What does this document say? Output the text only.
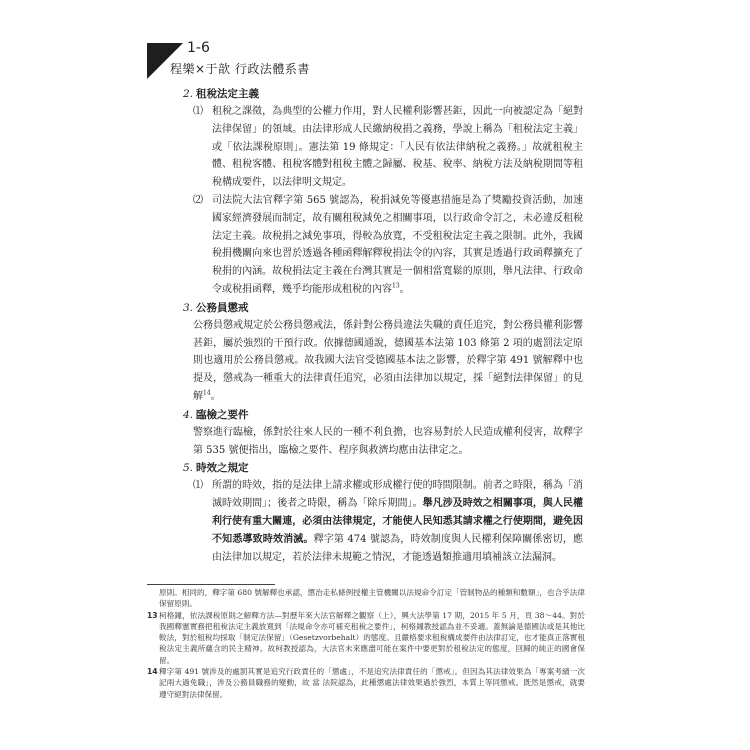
1-6
程樂×于歆 行政法體系書
2. 租稅法定主義
⑴ 租稅之課徵，為典型的公權力作用，對人民權利影響甚鉅，因此一向被認定為「絕對法律保留」的領域。由法律形成人民繳納稅捐之義務，學說上稱為「租稅法定主義」或「依法課稅原則」。憲法第 19 條規定：「人民有依法律納稅之義務。」故就租稅主體、租稅客體、租稅客體對租稅主體之歸屬、稅基、稅率、納稅方法及納稅期間等租稅構成要件，以法律明文規定。
⑵ 司法院大法官釋字第 565 號認為，稅捐減免等優惠措施是為了獎勵投資活動，加速國家經濟發展而制定，故有關租稅減免之相關事項，以行政命令訂之，未必違反租稅法定主義。故稅捐之減免事項，得較為放寬，不受租稅法定主義之限制。此外，我國稅捐機關向來也習於透過各種函釋解釋稅捐法令的內容，其實是透過行政函釋擴充了稅捐的內涵。故稅捐法定主義在台灣其實是一個相當寬鬆的原則，舉凡法律、行政命令或稅捐函釋，幾乎均能形成租稅的內容$^{13}$。
3. 公務員懲戒

公務員懲戒規定於公務員懲戒法，係針對公務員違法失職的責任追究，對公務員權利影響甚鉅，屬於強烈的干預行政。依據德國通說，德國基本法第 103 條第 2 項的處罰法定原則也適用於公務員懲戒。故我國大法官受德國基本法之影響，於釋字第 491 號解釋中也提及，懲戒為一種重大的法律責任追究，必須由法律加以規定，採「絕對法律保留」的見解$^{14}$。

4. 臨檢之要件

警察進行臨檢，係對於往來人民的一種不利負擔，也容易對於人民造成權利侵害，故釋字第 535 號便指出，臨檢之要件、程序與救濟均應由法律定之。

5. 時效之規定
⑴ 所謂的時效，指的是法律上請求權或形成權行使的時間限制。前者之時限，稱為「消滅時效期間」；後者之時限，稱為「除斥期間」。舉凡涉及時效之相關事項，與人民權利行使有重大關連，必須由法律規定，才能使人民知悉其請求權之行使期間，避免因不知悉導致時效消滅。釋字第 474 號認為，時效制度與人民權利保障關係密切，應由法律加以規定，若於法律未規範之情況，才能透過類推適用填補該立法漏洞。

原則。相同的，釋字第 680 號解釋也承認，懲治走私條例授權主管機關以法規命令訂定「管制物品的種類和數額」，也合乎法律保留原則。

13 柯格鐘，依法課稅原則之解釋方法—對歷年來大法官解釋之觀察（上），興大法學第 17 期，2015 年 5 月，頁 38～44。對於我國釋憲實務把租稅法定主義放寬到「法規命令亦可補充租稅之要件」，柯格鐘教授認為並不妥適。蓋無論是德國法或是其他比較法，對於租稅均採取「制定法保留」（Gesetzvorbehalt）的態度。且嚴格要求租稅構成要件由法律訂定，也才能真正落實租稅法定主義所蘊含的民主精神。故柯教授認為，大法官未來應盡可能在案件中要更對於租稅法定的態度，回歸的純正的國會保留。

14 釋字第 491 號涉及的處罰其實是追究行政責任的「懲處」，不是追究法律責任的「懲戒」。但因為其法律效果為「專案考績一次記兩大過免職」，涉及公務員職務的變動，故 當 法院認為，此種懲處法律效果過於強烈，本質上等同懲戒。既然是懲戒，就要遵守絕對法律保留。
